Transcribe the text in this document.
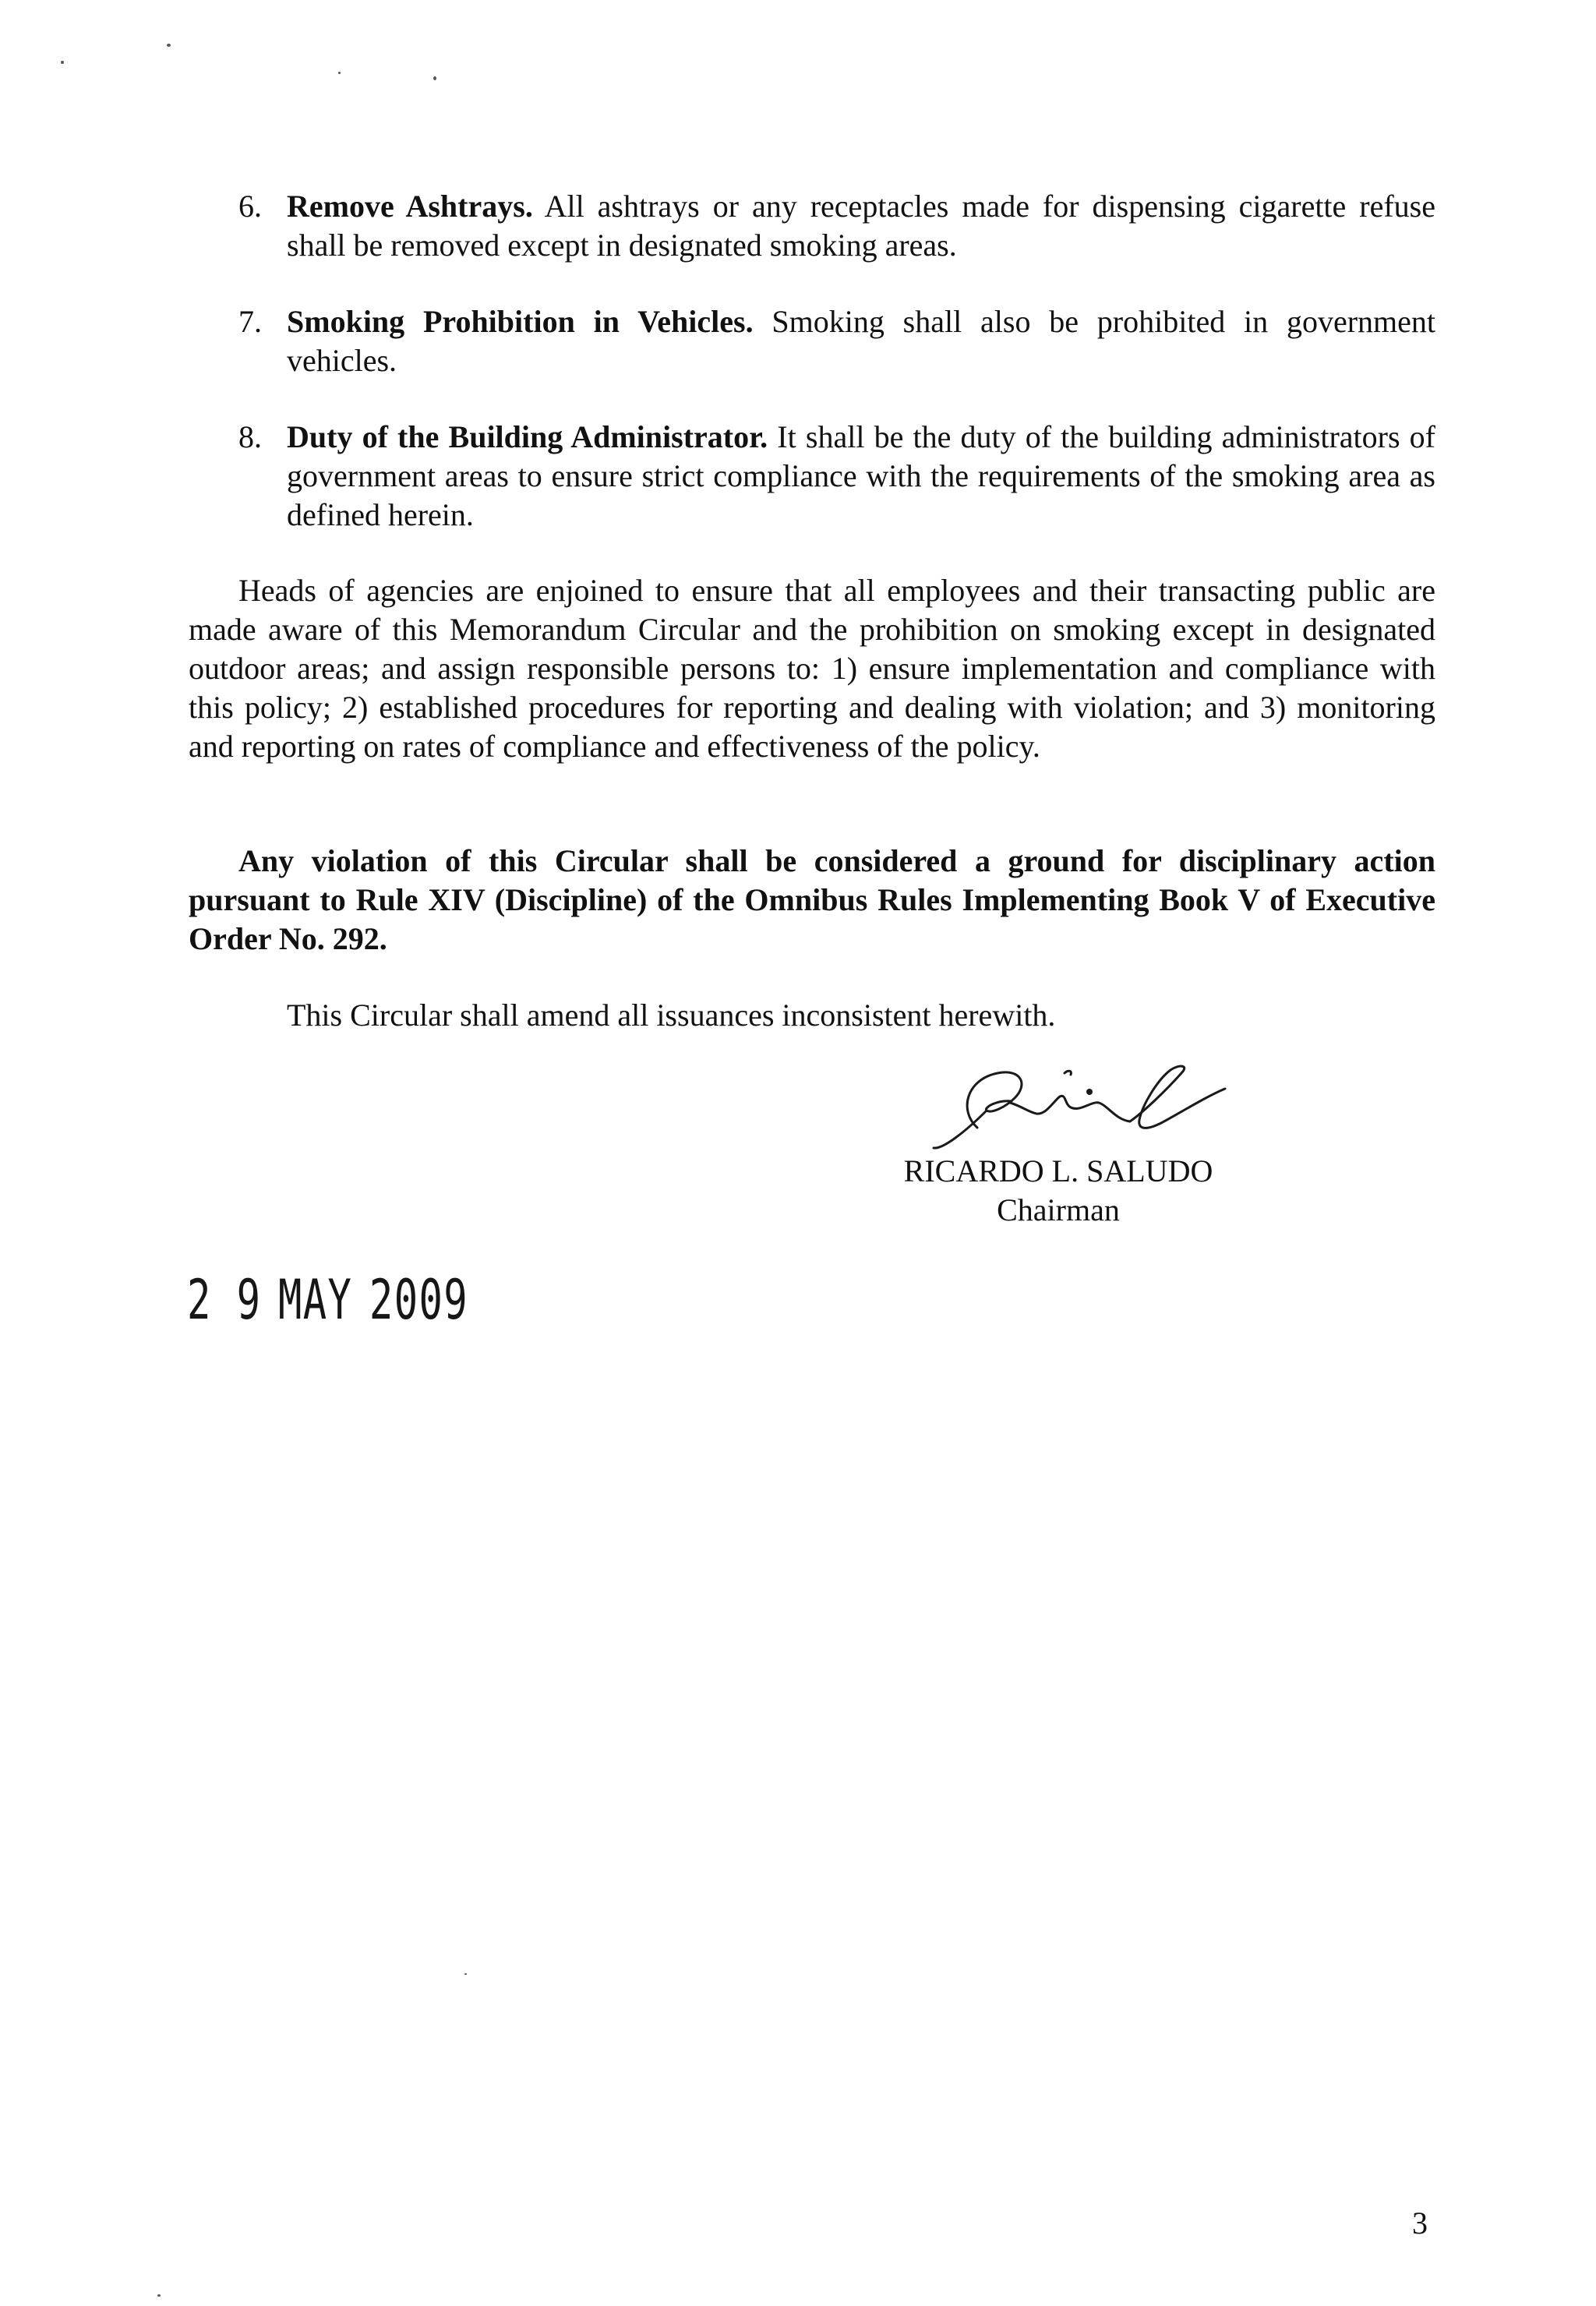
6. Remove Ashtrays. All ashtrays or any receptacles made for dispensing cigarette refuse shall be removed except in designated smoking areas.
7. Smoking Prohibition in Vehicles. Smoking shall also be prohibited in government vehicles.
8. Duty of the Building Administrator. It shall be the duty of the building administrators of government areas to ensure strict compliance with the requirements of the smoking area as defined herein.
Heads of agencies are enjoined to ensure that all employees and their transacting public are made aware of this Memorandum Circular and the prohibition on smoking except in designated outdoor areas; and assign responsible persons to: 1) ensure implementation and compliance with this policy; 2) established procedures for reporting and dealing with violation; and 3) monitoring and reporting on rates of compliance and effectiveness of the policy.
Any violation of this Circular shall be considered a ground for disciplinary action pursuant to Rule XIV (Discipline) of the Omnibus Rules Implementing Book V of Executive Order No. 292.
This Circular shall amend all issuances inconsistent herewith.
RICARDO L. SALUDO
Chairman
2 9 MAY 2009
3
